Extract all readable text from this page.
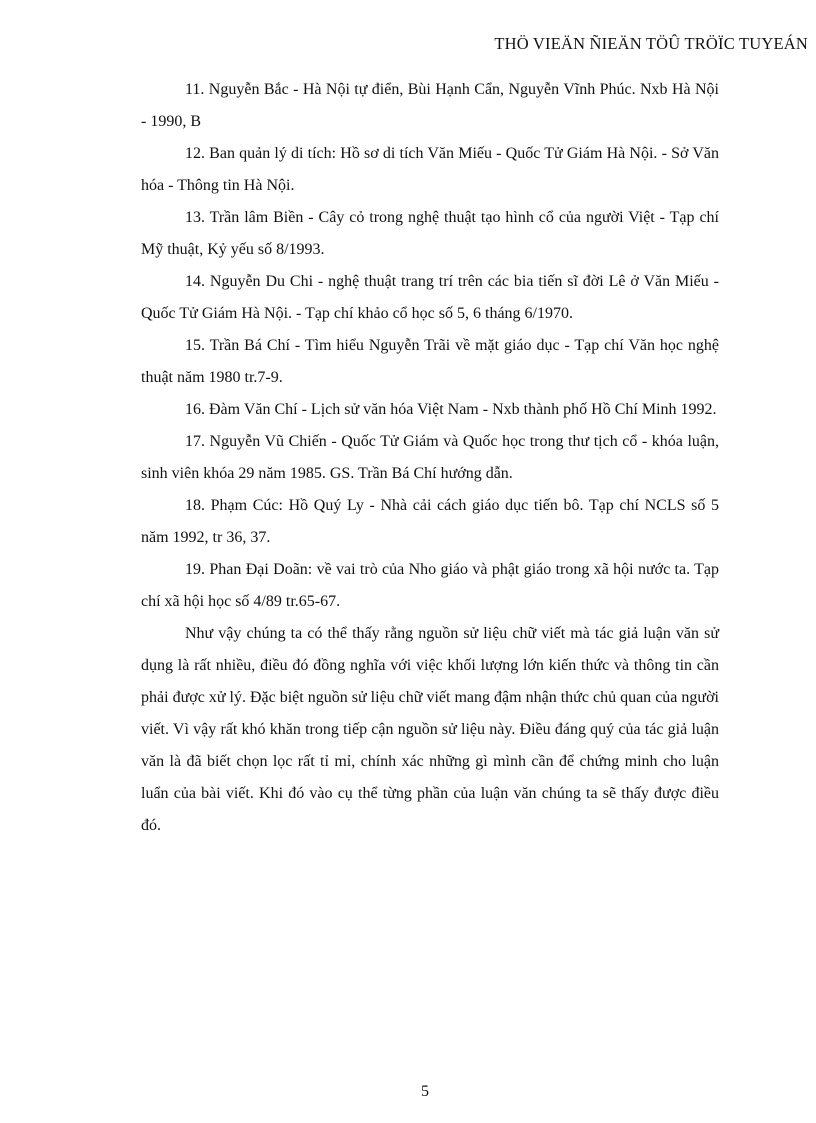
THÖ VIEÄN ÑIEÄN TÖÛ TRÖÏC TUYEÁN

11. Nguyễn Bắc - Hà Nội tự điển, Bùi Hạnh Cẩn, Nguyễn Vĩnh Phúc. Nxb Hà Nội - 1990, B

12. Ban quản lý di tích: Hồ sơ di tích Văn Miếu - Quốc Tử Giám Hà Nội. - Sở Văn hóa - Thông tin Hà Nội.

13. Trần lâm Biền - Cây cỏ trong nghệ thuật tạo hình cổ của người Việt - Tạp chí Mỹ thuật, Kỷ yếu số 8/1993.

14. Nguyễn Du Chi - nghệ thuật trang trí trên các bia tiến sĩ đời Lê ở Văn Miếu - Quốc Tử Giám Hà Nội. - Tạp chí khảo cổ học số 5, 6 tháng 6/1970.

15. Trần Bá Chí - Tìm hiểu Nguyễn Trãi về mặt giáo dục - Tạp chí Văn học nghệ thuật năm 1980 tr.7-9.

16. Đàm Văn Chí - Lịch sử văn hóa Việt Nam - Nxb thành phố Hồ Chí Minh 1992.

17. Nguyễn Vũ Chiến - Quốc Tử Giám và Quốc học trong thư tịch cổ - khóa luận, sinh viên khóa 29 năm 1985. GS. Trần Bá Chí hướng dẫn.

18. Phạm Cúc: Hồ Quý Ly - Nhà cải cách giáo dục tiến bô. Tạp chí NCLS số 5 năm 1992, tr 36, 37.

19. Phan Đại Doãn: về vai trò của Nho giáo và phật giáo trong xã hội nước ta. Tạp chí xã hội học số 4/89 tr.65-67.

Như vậy chúng ta có thể thấy rằng nguồn sử liệu chữ viết mà tác giả luận văn sử dụng là rất nhiều, điều đó đồng nghĩa với việc khối lượng lớn kiến thức và thông tin cần phải được xử lý. Đặc biệt nguồn sử liệu chữ viết mang đậm nhận thức chủ quan của người viết. Vì vậy rất khó khăn trong tiếp cận nguồn sử liệu này. Điều đáng quý của tác giả luận văn là đã biết chọn lọc rất tỉ mỉ, chính xác những gì mình cần để chứng minh cho luận luẩn của bài viết. Khi đó vào cụ thể từng phần của luận văn chúng ta sẽ thấy được điều đó.

5
